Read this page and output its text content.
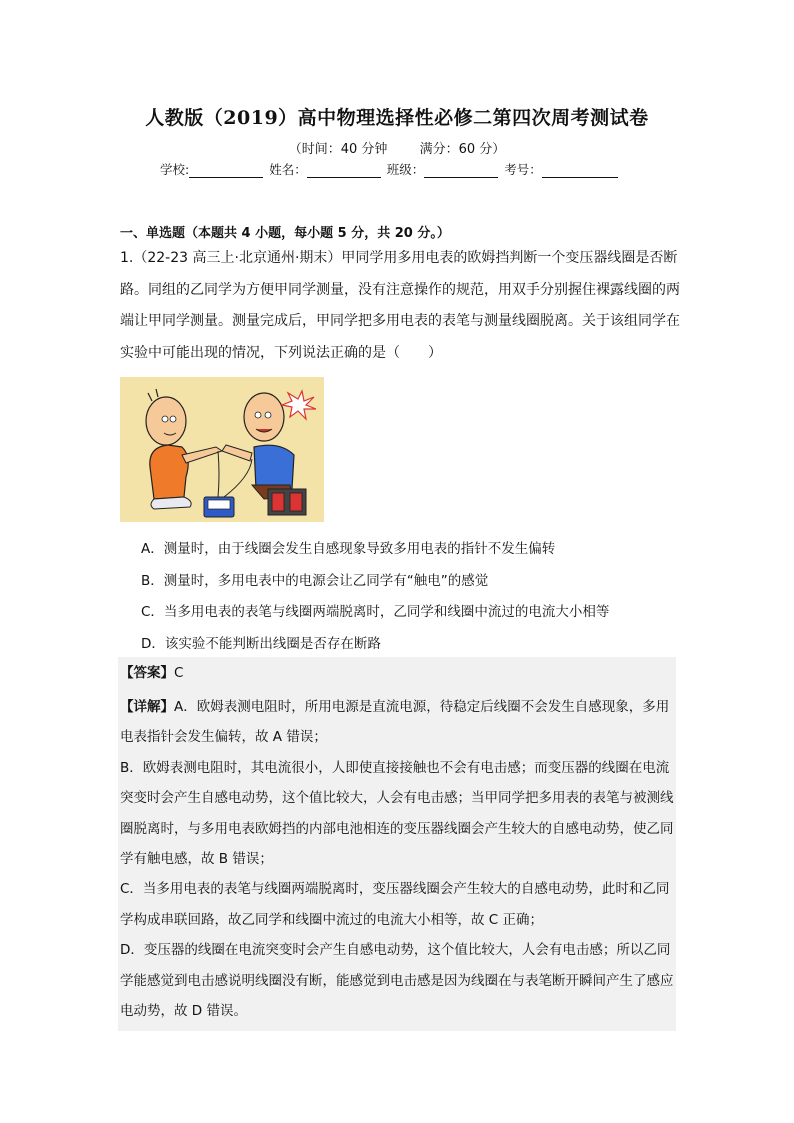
人教版（2019）高中物理选择性必修二第四次周考测试卷
（时间：40 分钟 满分：60 分）
学校:	姓名：	班级：	考号：
一、单选题（本题共 4 小题，每小题 5 分，共 20 分。）
1.（22-23 高三上·北京通州·期末）甲同学用多用电表的欧姆挡判断一个变压器线圈是否断路。同组的乙同学为方便甲同学测量，没有注意操作的规范，用双手分别握住裸露线圈的两端让甲同学测量。测量完成后，甲同学把多用电表的表笔与测量线圈脱离。关于该组同学在实验中可能出现的情况，下列说法正确的是（　　）
A．测量时，由于线圈会发生自感现象导致多用电表的指针不发生偏转
B．测量时，多用电表中的电源会让乙同学有“触电”的感觉
C．当多用电表的表笔与线圈两端脱离时，乙同学和线圈中流过的电流大小相等
D．该实验不能判断出线圈是否存在断路
【答案】C

【详解】A．欧姆表测电阻时，所用电源是直流电源，待稳定后线圈不会发生自感现象，多用电表指针会发生偏转，故 A 错误；

B．欧姆表测电阻时，其电流很小，人即使直接接触也不会有电击感；而变压器的线圈在电流突变时会产生自感电动势，这个值比较大，人会有电击感；当甲同学把多用表的表笔与被测线圈脱离时，与多用电表欧姆挡的内部电池相连的变压器线圈会产生较大的自感电动势，使乙同学有触电感，故 B 错误；

C．当多用电表的表笔与线圈两端脱离时，变压器线圈会产生较大的自感电动势，此时和乙同学构成串联回路，故乙同学和线圈中流过的电流大小相等，故 C 正确；

D．变压器的线圈在电流突变时会产生自感电动势，这个值比较大，人会有电击感；所以乙同学能感觉到电击感说明线圈没有断，能感觉到电击感是因为线圈在与表笔断开瞬间产生了感应电动势，故 D 错误。
